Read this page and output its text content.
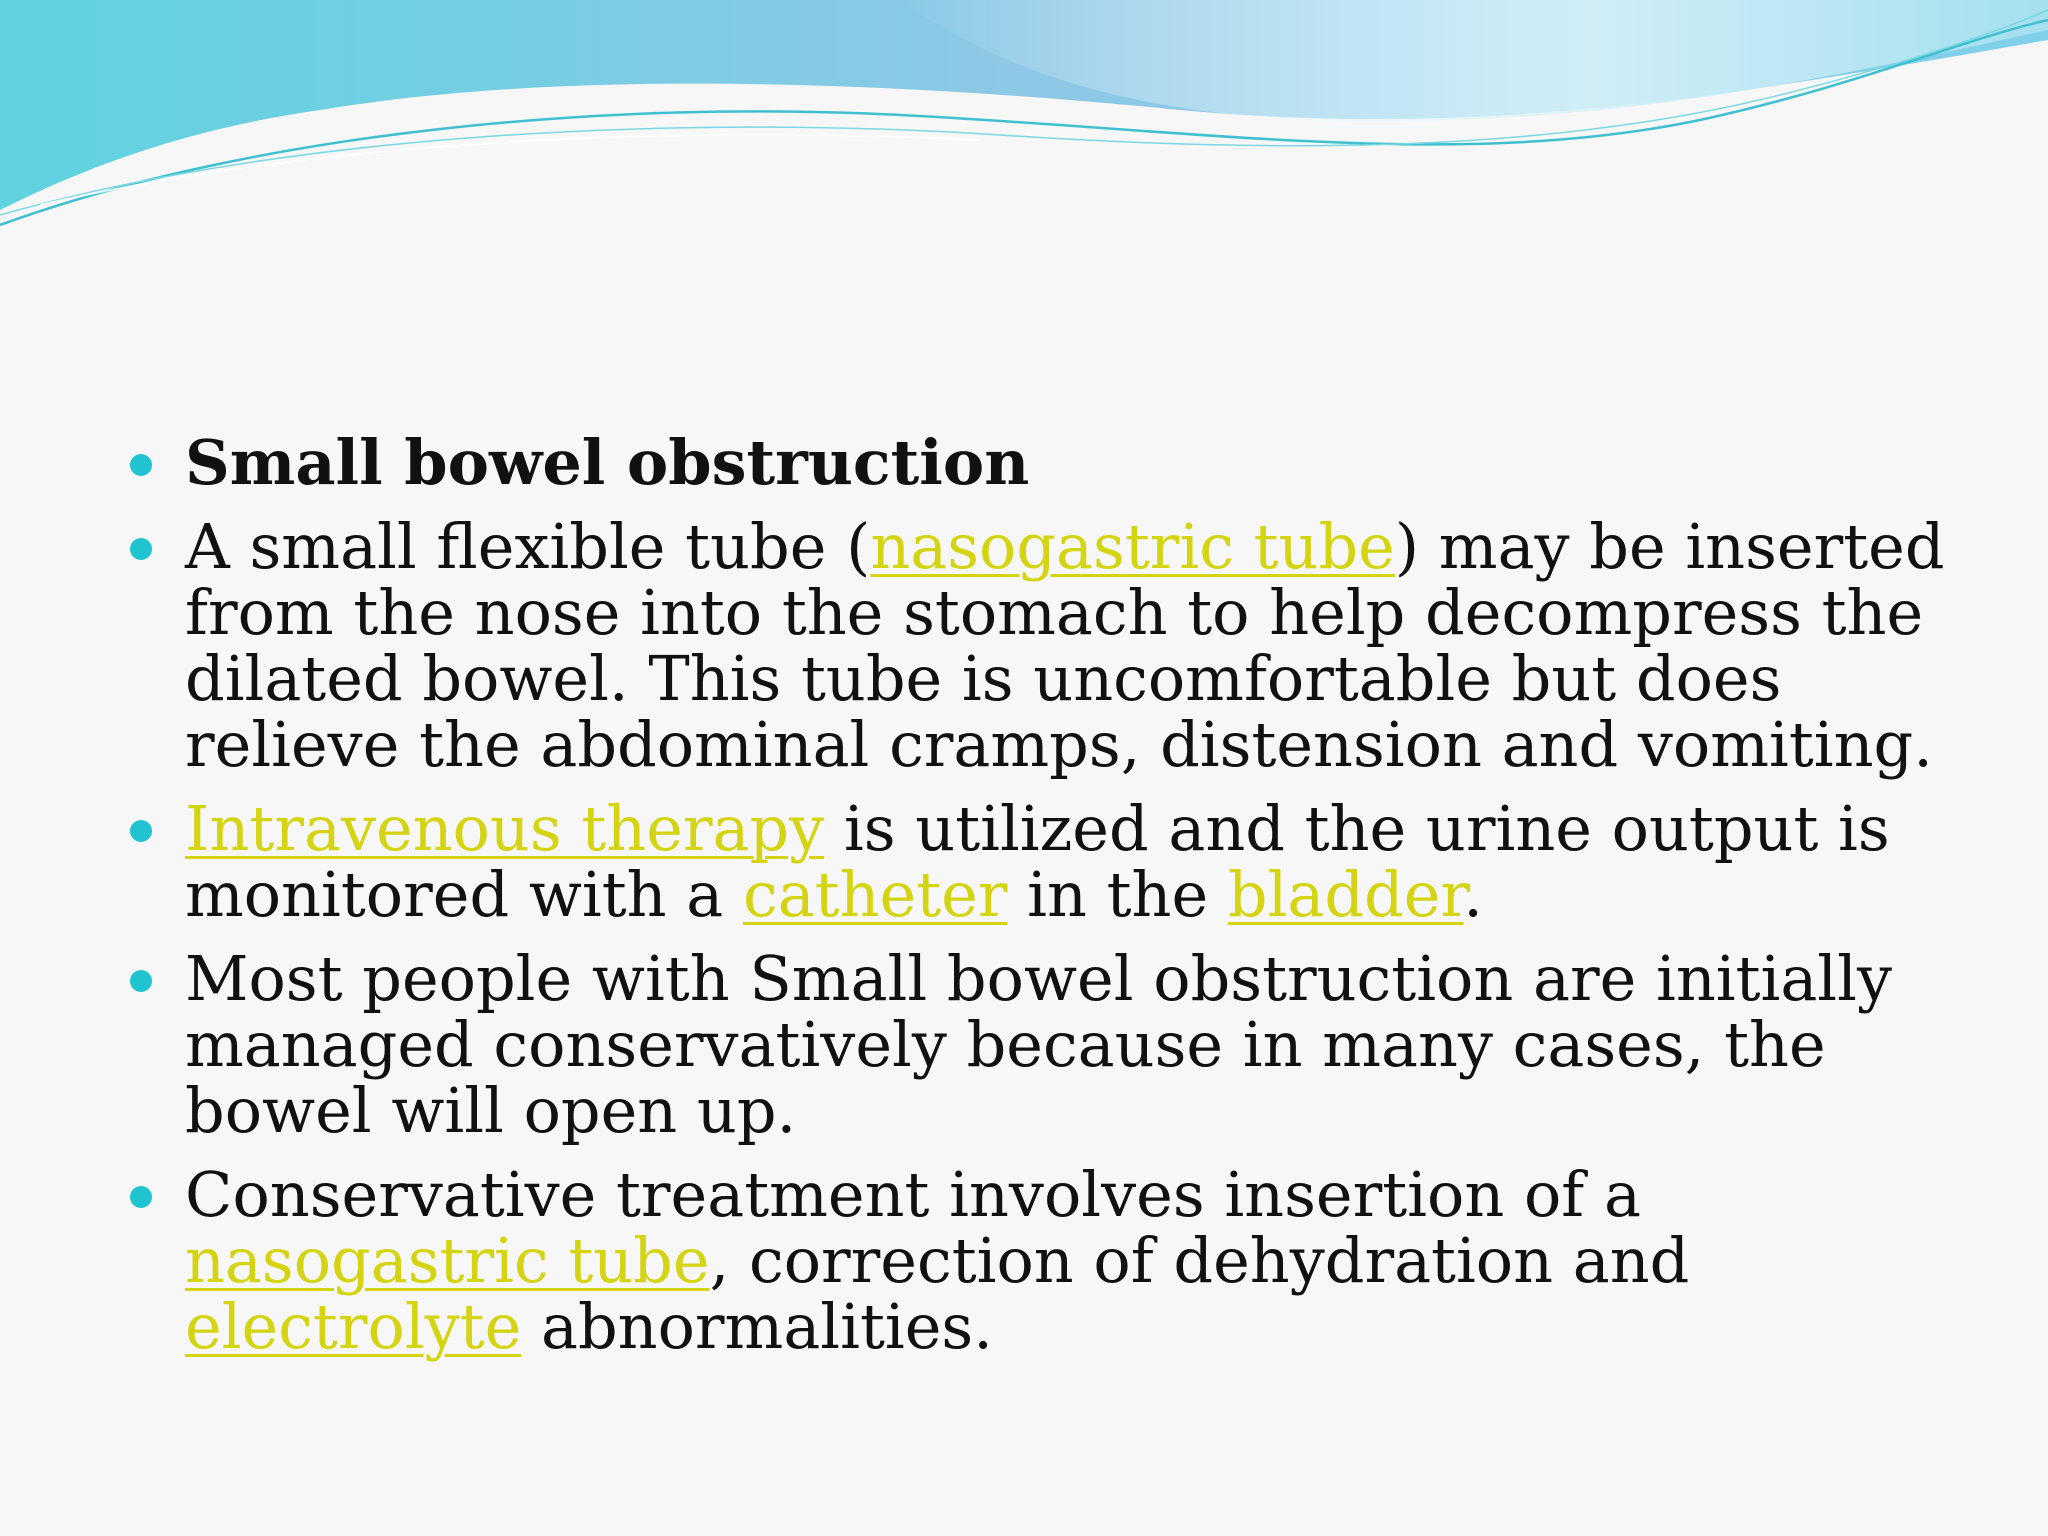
Small bowel obstruction
A small flexible tube (nasogastric tube) may be inserted from the nose into the stomach to help decompress the dilated bowel. This tube is uncomfortable but does relieve the abdominal cramps, distension and vomiting.
Intravenous therapy is utilized and the urine output is monitored with a catheter in the bladder.
Most people with Small bowel obstruction are initially managed conservatively because in many cases, the bowel will open up.
Conservative treatment involves insertion of a nasogastric tube, correction of dehydration and electrolyte abnormalities.
